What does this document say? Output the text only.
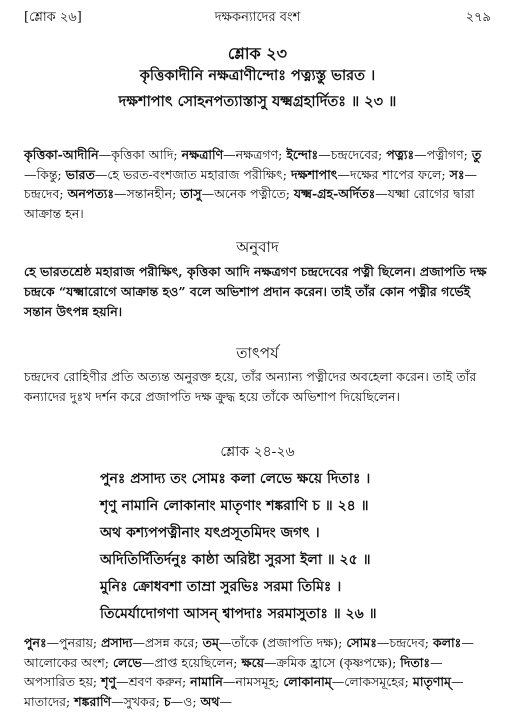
[শ্লোক ২৬]	দক্ষকন্যাদের বংশ	২৭৯
শ্লোক ২৩
কৃত্তিকাদীনি নক্ষত্রাণীন্দোঃ পত্ন্যস্তু ভারত ।
দক্ষশাপাৎ সোহনপত্যাস্তাসু যক্ষ্মগ্রহার্দিতঃ ॥ ২৩ ॥

কৃত্তিকা-আদীনি—কৃত্তিকা আদি; নক্ষত্রাণি—নক্ষত্রগণ; ইন্দোঃ—চন্দ্রদেবের; পত্ন্যঃ—পত্নীগণ; তু—কিন্তু; ভারত—হে ভরত-বংশজাত মহারাজ পরীক্ষিৎ; দক্ষশাপাৎ—দক্ষের শাপের ফলে; সঃ—চন্দ্রদেব; অনপত্যঃ—সন্তানহীন; তাসু—অনেক পত্নীতে; যক্ষ্ম-গ্রহ-অর্দিতঃ—যক্ষ্মা রোগের দ্বারা আক্রান্ত হন।

অনুবাদ

হে ভারতশ্রেষ্ঠ মহারাজ পরীক্ষিৎ, কৃত্তিকা আদি নক্ষত্রগণ চন্দ্রদেবের পত্নী ছিলেন। প্রজাপতি দক্ষ চন্দ্রকে “যক্ষ্মারোগে আক্রান্ত হও” বলে অভিশাপ প্রদান করেন। তাই তাঁর কোন পত্নীর গর্ভেই সন্তান উৎপন্ন হয়নি।

তাৎপর্য

চন্দ্রদেব রোহিণীর প্রতি অত্যন্ত অনুরক্ত হয়ে, তাঁর অন্যান্য পত্নীদের অবহেলা করেন। তাই তাঁর কন্যাদের দুঃখ দর্শন করে প্রজাপতি দক্ষ ক্রুদ্ধ হয়ে তাঁকে অভিশাপ দিয়েছিলেন।

শ্লোক ২৪-২৬
পুনঃ প্রসাদ্য তং সোমঃ কলা লেভে ক্ষয়ে দিতাঃ ।
শৃণু নামানি লোকানাং মাতৃণাং শঙ্করাণি চ ॥ ২৪ ॥
অথ কশ্যপপত্নীনাং যৎপ্রসূতমিদং জগৎ ।
অদিতির্দিতির্দনুঃ কাষ্ঠা অরিষ্টা সুরসা ইলা ॥ ২৫ ॥
মুনিঃ ক্রোধবশা তাম্রা সুরভিঃ সরমা তিমিঃ ।
তিমের্যাদোগণা আসন্ শ্বাপদাঃ সরমাসুতাঃ ॥ ২৬ ॥

পুনঃ—পুনরায়; প্রসাদ্য—প্রসন্ন করে; তম্—তাঁকে (প্রজাপতি দক্ষ); সোমঃ—চন্দ্রদেব; কলাঃ—আলোকের অংশ; লেভে—প্রাপ্ত হয়েছিলেন; ক্ষয়ে—ক্রমিক হ্রাসে (কৃষ্ণপক্ষে); দিতাঃ—অপসারিত হয়; শৃণু—শ্রবণ করুন; নামানি—নামসমূহ; লোকানাম্—লোকসমূহের; মাতৃণাম্—মাতাদের; শঙ্করাণি—সুখকর; চ—ও; অথ—
